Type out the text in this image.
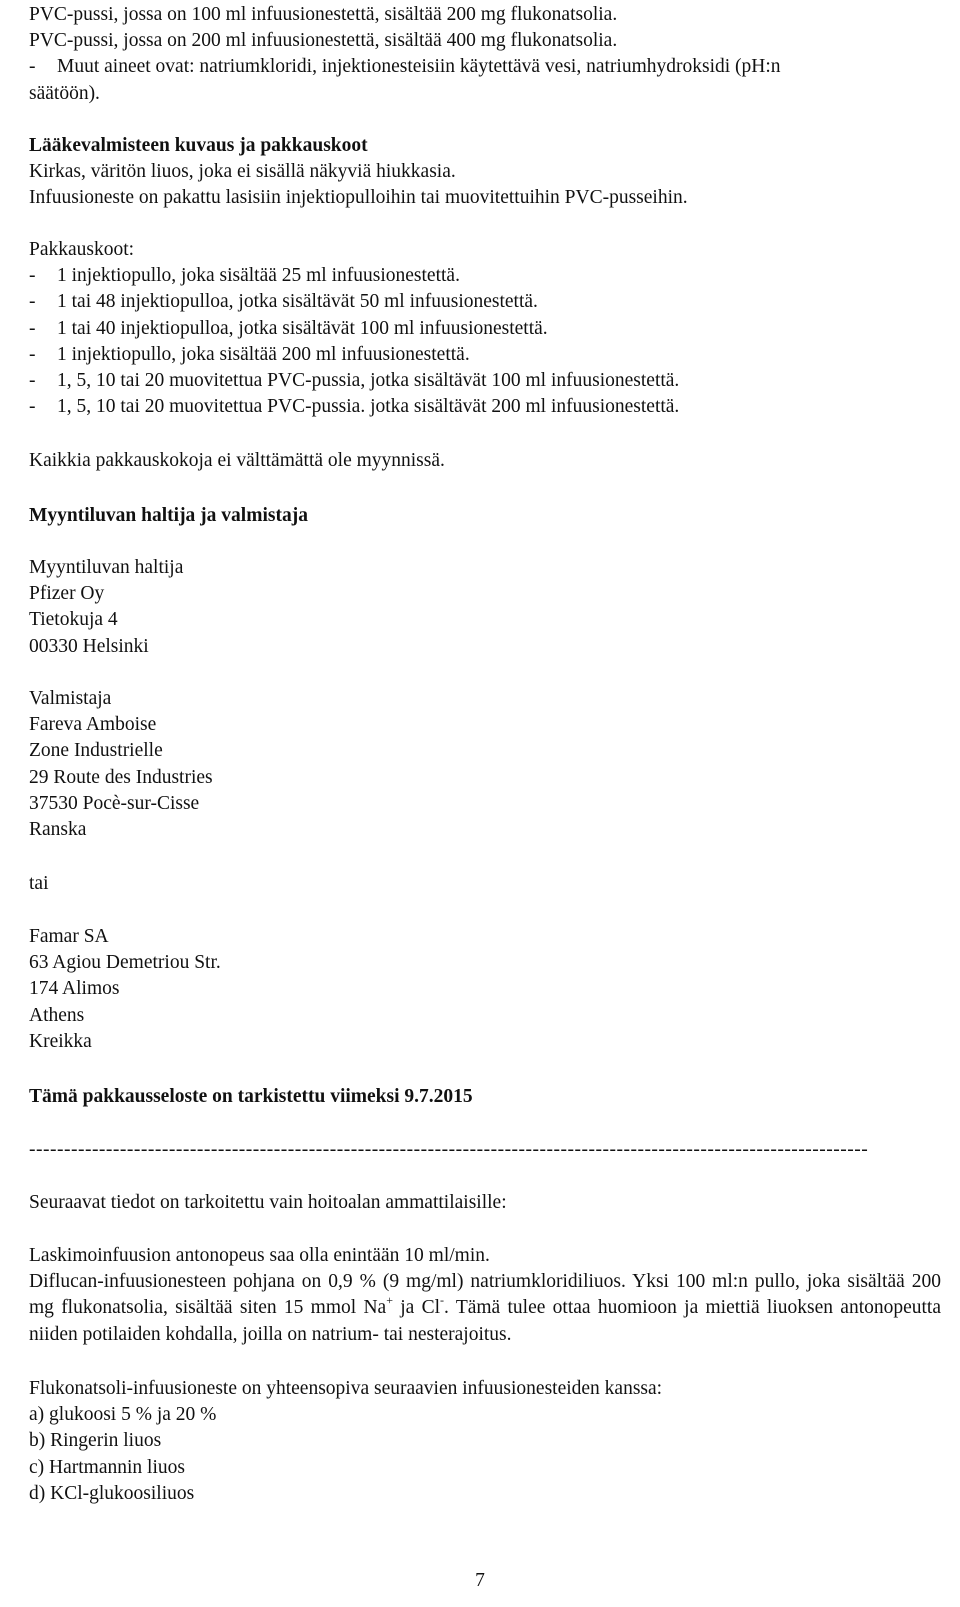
PVC-pussi, jossa on 100 ml infuusionestettä, sisältää 200 mg flukonatsolia.
PVC-pussi, jossa on 200 ml infuusionestettä, sisältää 400 mg flukonatsolia.
-	Muut aineet ovat: natriumkloridi, injektionesteisiin käytettävä vesi, natriumhydroksidi (pH:n
säätöön).
Lääkevalmisteen kuvaus ja pakkauskoot
Kirkas, väritön liuos, joka ei sisällä näkyviä hiukkasia.
Infuusioneste on pakattu lasisiin injektiopulloihin tai muovitettuihin PVC-pusseihin.
Pakkauskoot:
-	1 injektiopullo, joka sisältää 25 ml infuusionestettä.
-	1 tai 48 injektiopulloa, jotka sisältävät 50 ml infuusionestettä.
-	1 tai 40 injektiopulloa, jotka sisältävät 100 ml infuusionestettä.
-	1 injektiopullo, joka sisältää 200 ml infuusionestettä.
-	1, 5, 10 tai 20 muovitettua PVC-pussia, jotka sisältävät 100 ml infuusionestettä.
-	1, 5, 10 tai 20 muovitettua PVC-pussia. jotka sisältävät 200 ml infuusionestettä.
Kaikkia pakkauskokoja ei välttämättä ole myynnissä.
Myyntiluvan haltija ja valmistaja
Myyntiluvan haltija
Pfizer Oy
Tietokuja 4
00330 Helsinki
Valmistaja
Fareva Amboise
Zone Industrielle
29 Route des Industries
37530 Pocè-sur-Cisse
Ranska
tai
Famar SA
63 Agiou Demetriou Str.
174 Alimos
Athens
Kreikka
Tämä pakkausseloste on tarkistettu viimeksi 9.7.2015
------------------------------------------------------------------------------------------------------------------------
Seuraavat tiedot on tarkoitettu vain hoitoalan ammattilaisille:
Laskimoinfuusion antonopeus saa olla enintään 10 ml/min.
Diflucan-infuusionesteen pohjana on 0,9 % (9 mg/ml) natriumkloridiliuos. Yksi 100 ml:n pullo, joka sisältää 200 mg flukonatsolia, sisältää siten 15 mmol Na+ ja Cl-. Tämä tulee ottaa huomioon ja miettiä liuoksen antonopeutta niiden potilaiden kohdalla, joilla on natrium- tai nesterajoitus.
Flukonatsoli-infuusioneste on yhteensopiva seuraavien infuusionesteiden kanssa:
a) glukoosi 5 % ja 20 %
b) Ringerin liuos
c) Hartmannin liuos
d) KCl-glukoosiliuos
7
